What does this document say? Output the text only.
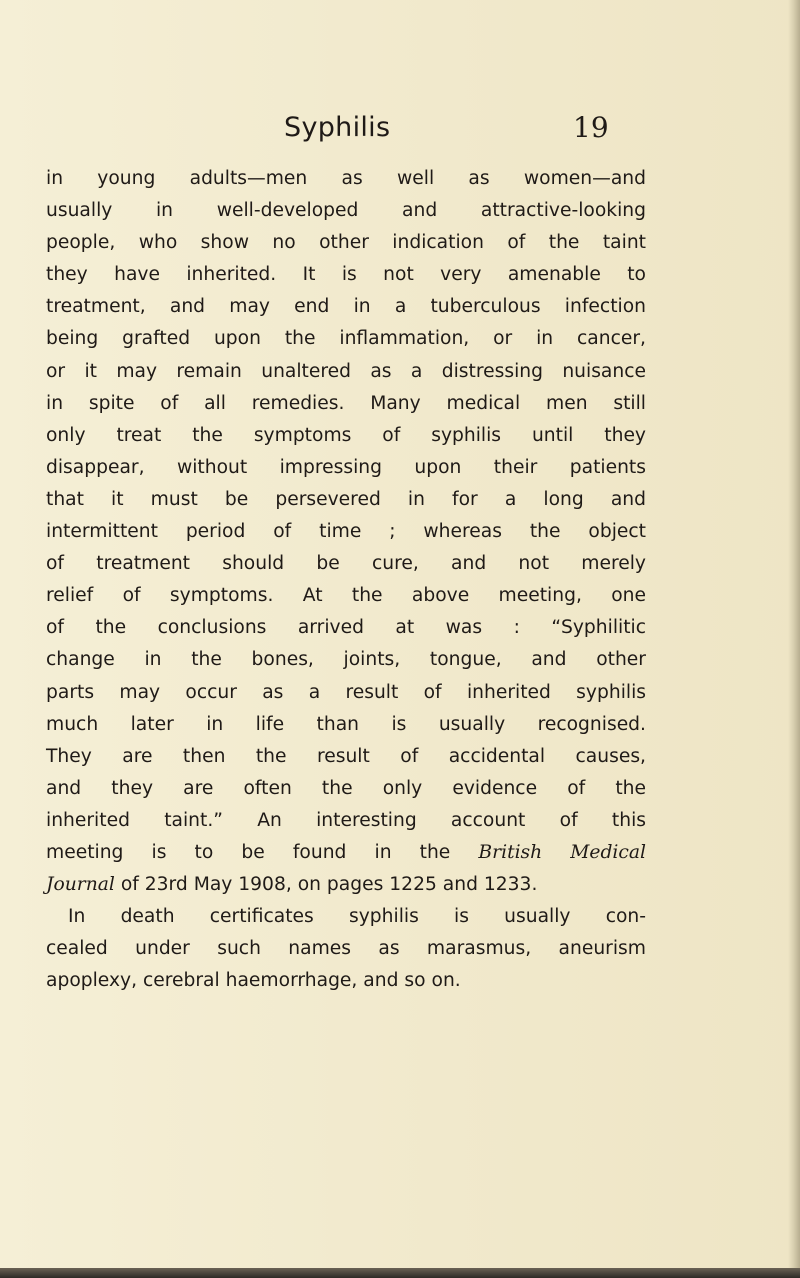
Syphilis	19
in young adults—men as well as women—and
usually in well-developed and attractive-looking
people, who show no other indication of the taint
they have inherited. It is not very amenable to
treatment, and may end in a tuberculous infection
being grafted upon the inflammation, or in cancer,
or it may remain unaltered as a distressing nuisance
in spite of all remedies. Many medical men still
only treat the symptoms of syphilis until they
disappear, without impressing upon their patients
that it must be persevered in for a long and
intermittent period of time ; whereas the object
of treatment should be cure, and not merely
relief of symptoms. At the above meeting, one
of the conclusions arrived at was : “Syphilitic
change in the bones, joints, tongue, and other
parts may occur as a result of inherited syphilis
much later in life than is usually recognised.
They are then the result of accidental causes,
and they are often the only evidence of the
inherited taint.” An interesting account of this
meeting is to be found in the British Medical
Journal of 23rd May 1908, on pages 1225 and 1233.
In death certificates syphilis is usually con-
cealed under such names as marasmus, aneurism
apoplexy, cerebral haemorrhage, and so on.
